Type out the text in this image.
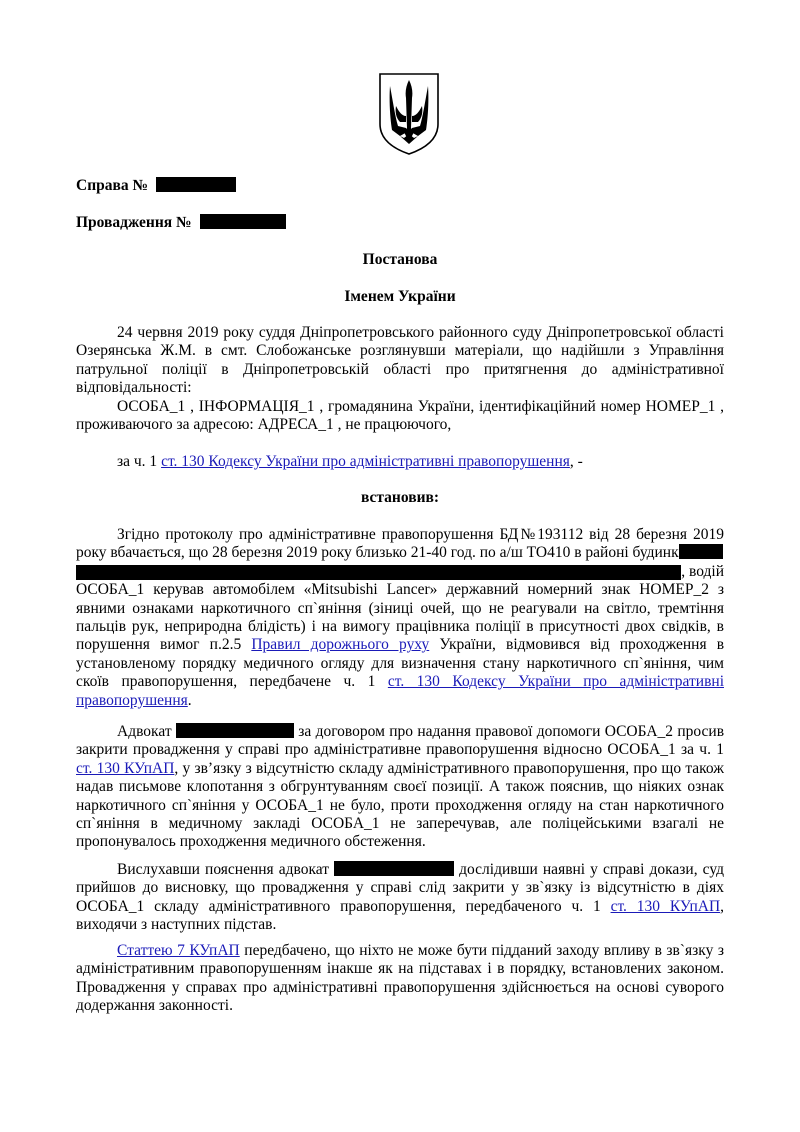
Справа №
Провадження №
Постанова
Іменем України
24 червня 2019 року суддя Дніпропетровського районного суду Дніпропетровської області Озерянська Ж.М. в смт. Слобожанське розглянувши матеріали, що надійшли з Управління патрульної поліції в Дніпропетровській області про притягнення до адміністративної відповідальності:
ОСОБА_1 , ІНФОРМАЦІЯ_1 , громадянина України, ідентифікаційний номер НОМЕР_1 , проживаючого за адресою: АДРЕСА_1 , не працюючого,
за ч. 1 ст. 130 Кодексу України про адміністративні правопорушення, -
встановив:
Згідно протоколу про адміністративне правопорушення БД№193112 від 28 березня 2019 року вбачається, що 28 березня 2019 року близько 21-40 год. по а/ш ТО410 в районі будинк
, водій
ОСОБА_1 керував автомобілем «Mitsubishi Lancer» державний номерний знак НОМЕР_2 з явними ознаками наркотичного сп`яніння (зіниці очей, що не реагували на світло, тремтіння пальців рук, неприродна блідість) і на вимогу працівника поліції в присутності двох свідків, в порушення вимог п.2.5 Правил дорожнього руху України, відмовився від проходження в установленому порядку медичного огляду для визначення стану наркотичного сп`яніння, чим скоїв правопорушення, передбачене ч. 1 ст. 130 Кодексу України про адміністративні правопорушення.
Адвокат	за договором про надання правової допомоги ОСОБА_2 просив закрити провадження у справі про адміністративне правопорушення відносно ОСОБА_1 за ч. 1 ст. 130 КУпАП, у зв’язку з відсутністю складу адміністративного правопорушення, про що також надав письмове клопотання з обгрунтуванням своєї позиції. А також пояснив, що ніяких ознак наркотичного сп`яніння у ОСОБА_1 не було, проти проходження огляду на стан наркотичного сп`яніння в медичному закладі ОСОБА_1 не заперечував, але поліцейськими взагалі не пропонувалось проходження медичного обстеження.
Вислухавши пояснення адвокат	дослідивши наявні у справі докази, суд прийшов до висновку, що провадження у справі слід закрити у зв`язку із відсутністю в діях ОСОБА_1 складу адміністративного правопорушення, передбаченого ч. 1 ст. 130 КУпАП, виходячи з наступних підстав.
Статтею 7 КУпАП передбачено, що ніхто не може бути підданий заходу впливу в зв`язку з адміністративним правопорушенням інакше як на підставах і в порядку, встановлених законом. Провадження у справах про адміністративні правопорушення здійснюється на основі суворого додержання законності.
